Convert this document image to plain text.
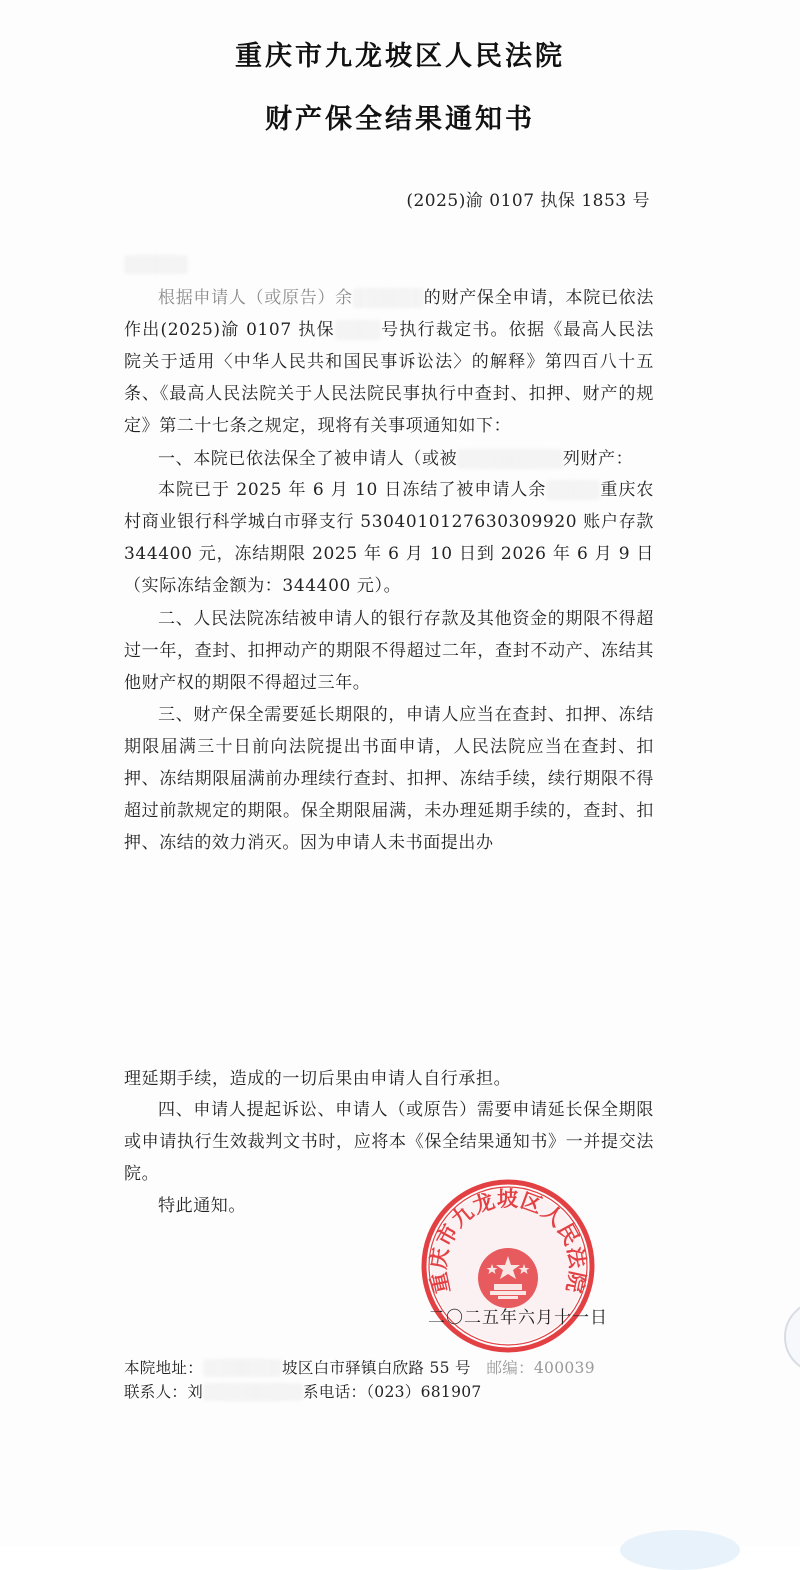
重庆市九龙坡区人民法院
财产保全结果通知书
(2025)渝 0107 执保 1853 号

根据申请人（或原告）余	的财产保全申请，本院已依法作出(2025)渝 0107 执保	号执行裁定书。依据《最高人民法院关于适用〈中华人民共和国民事诉讼法〉的解释》第四百八十五条、《最高人民法院关于人民法院民事执行中查封、扣押、财产的规定》第二十七条之规定，现将有关事项通知如下：

一、本院已依法保全了被申请人（或被	列财产：

本院已于 2025 年 6 月 10 日冻结了被申请人余	重庆农村商业银行科学城白市驿支行 5304010127630309920 账户存款 344400 元，冻结期限 2025 年 6 月 10 日到 2026 年 6 月 9 日（实际冻结金额为：344400 元）。

二、人民法院冻结被申请人的银行存款及其他资金的期限不得超过一年，查封、扣押动产的期限不得超过二年，查封不动产、冻结其他财产权的期限不得超过三年。

三、财产保全需要延长期限的，申请人应当在查封、扣押、冻结期限届满三十日前向法院提出书面申请，人民法院应当在查封、扣押、冻结期限届满前办理续行查封、扣押、冻结手续，续行期限不得超过前款规定的期限。保全期限届满，未办理延期手续的，查封、扣押、冻结的效力消灭。因为申请人未书面提出办

理延期手续，造成的一切后果由申请人自行承担。

四、申请人提起诉讼、申请人（或原告）需要申请延长保全期限或申请执行生效裁判文书时，应将本《保全结果通知书》一并提交法院。

特此通知。

重庆市九龙坡区人民法院
二〇二五年六月十一日
本院地址：	坡区白市驿镇白欣路 55 号 邮编：400039
联系人：刘	系电话：（023）681907
